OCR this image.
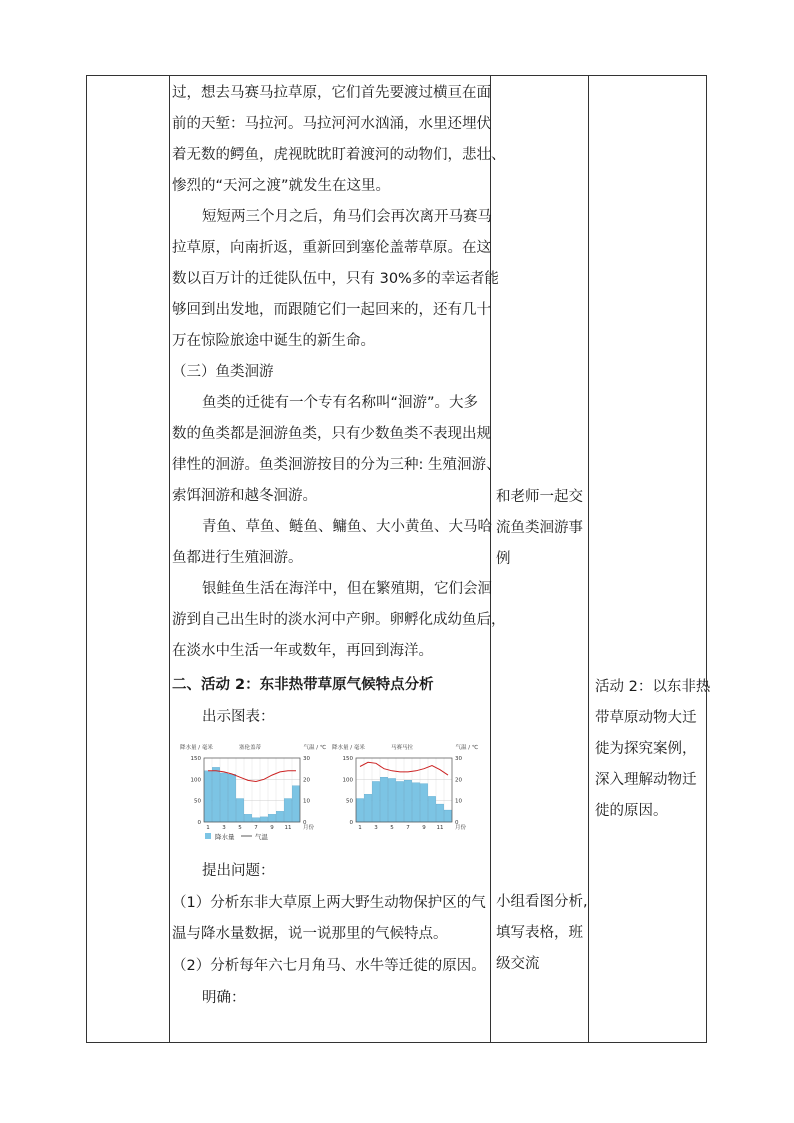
过，想去马赛马拉草原，它们首先要渡过横亘在面
前的天堑：马拉河。马拉河河水汹涌，水里还埋伏
着无数的鳄鱼，虎视眈眈盯着渡河的动物们，悲壮、
惨烈的“天河之渡”就发生在这里。
短短两三个月之后，角马们会再次离开马赛马
拉草原，向南折返，重新回到塞伦盖蒂草原。在这
数以百万计的迁徙队伍中，只有 30%多的幸运者能
够回到出发地，而跟随它们一起回来的，还有几十
万在惊险旅途中诞生的新生命。
（三）鱼类洄游
鱼类的迁徙有一个专有名称叫“洄游”。大多
数的鱼类都是洄游鱼类，只有少数鱼类不表现出规
律性的洄游。鱼类洄游按目的分为三种: 生殖洄游、
索饵洄游和越冬洄游。
青鱼、草鱼、鲢鱼、鳙鱼、大小黄鱼、大马哈
鱼都进行生殖洄游。
银鲑鱼生活在海洋中，但在繁殖期，它们会洄
游到自己出生时的淡水河中产卵。卵孵化成幼鱼后，
在淡水中生活一年或数年，再回到海洋。
二、活动 2：东非热带草原气候特点分析
出示图表：
降水量 / 毫米	塞伦盖蒂	气温 / ℃
0	0
50	10
100	20
150	30
1 3 5 7 9 11 月份
降水量	气温
降水量 / 毫米	马赛马拉	气温 / ℃
0	0
50	10
100	20
150	30
1 3 5 7 9 11 月份
提出问题：
（1）分析东非大草原上两大野生动物保护区的气
温与降水量数据，说一说那里的气候特点。
（2）分析每年六七月角马、水牛等迁徙的原因。
明确：
和老师一起交
流鱼类洄游事
例
小组看图分析,
填写表格，班
级交流
活动 2：以东非热
带草原动物大迁
徙为探究案例，
深入理解动物迁
徙的原因。
